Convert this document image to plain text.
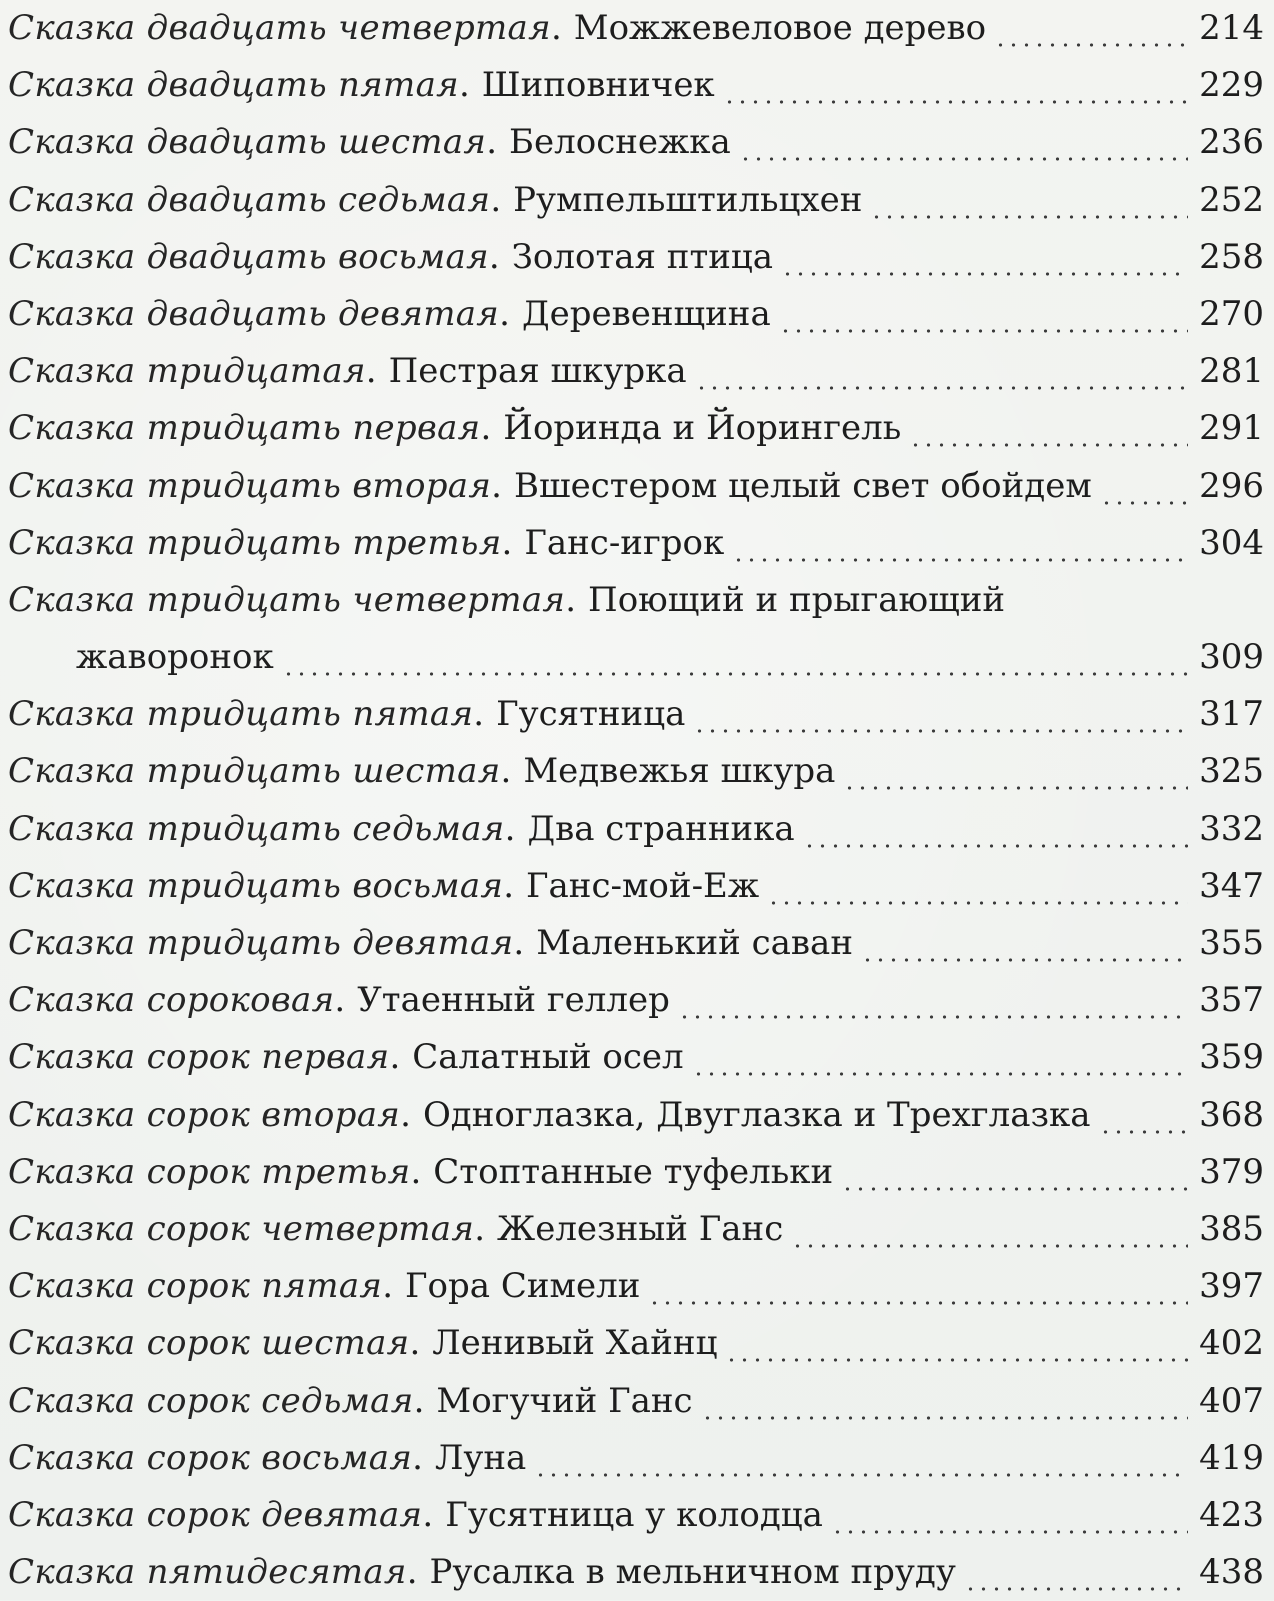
Сказка двадцать четвертая . Можжевеловое дерево	214
Сказка двадцать пятая . Шиповничек	229
Сказка двадцать шестая . Белоснежка	236
Сказка двадцать седьмая . Румпельштильцхен	252
Сказка двадцать восьмая . Золотая птица	258
Сказка двадцать девятая . Деревенщина	270
Сказка тридцатая . Пестрая шкурка	281
Сказка тридцать первая . Йоринда и Йорингель	291
Сказка тридцать вторая . Вшестером целый свет обойдем	296
Сказка тридцать третья . Ганс-игрок	304
Сказка тридцать четвертая . Поющий и прыгающий
жаворонок	309
Сказка тридцать пятая . Гусятница	317
Сказка тридцать шестая . Медвежья шкура	325
Сказка тридцать седьмая . Два странника	332
Сказка тридцать восьмая . Ганс-мой-Еж	347
Сказка тридцать девятая . Маленький саван	355
Сказка сороковая . Утаенный геллер	357
Сказка сорок первая . Салатный осел	359
Сказка сорок вторая . Одноглазка, Двуглазка и Трехглазка	368
Сказка сорок третья . Стоптанные туфельки	379
Сказка сорок четвертая . Железный Ганс	385
Сказка сорок пятая . Гора Симели	397
Сказка сорок шестая . Ленивый Хайнц	402
Сказка сорок седьмая . Могучий Ганс	407
Сказка сорок восьмая . Луна	419
Сказка сорок девятая . Гусятница у колодца	423
Сказка пятидесятая . Русалка в мельничном пруду	438
